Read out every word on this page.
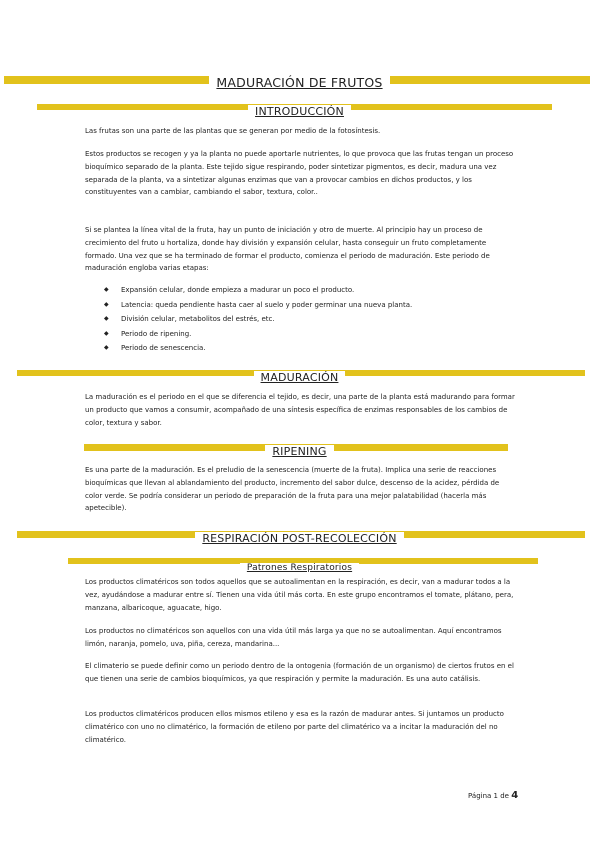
MADURACIÓN DE FRUTOS
INTRODUCCIÓN

Las frutas son una parte de las plantas que se generan por medio de la fotosíntesis.

Estos productos se recogen y ya la planta no puede aportarle nutrientes, lo que provoca que las frutas tengan un proceso bioquímico separado de la planta. Este tejido sigue respirando, poder sintetizar pigmentos, es decir, madura una vez separada de la planta, va a sintetizar algunas enzimas que van a provocar cambios en dichos productos, y los constituyentes van a cambiar, cambiando el sabor, textura, color..

Si se plantea la línea vital de la fruta, hay un punto de iniciación y otro de muerte. Al principio hay un proceso de crecimiento del fruto u hortaliza, donde hay división y expansión celular, hasta conseguir un fruto completamente formado. Una vez que se ha terminado de formar el producto, comienza el periodo de maduración. Este periodo de maduración engloba varias etapas:

◆ Expansión celular, donde empieza a madurar un poco el producto.
◆ Latencia: queda pendiente hasta caer al suelo y poder germinar una nueva planta.
◆ División celular, metabolitos del estrés, etc.
◆ Periodo de ripening.
◆ Periodo de senescencia.
MADURACIÓN

La maduración es el periodo en el que se diferencia el tejido, es decir, una parte de la planta está madurando para formar un producto que vamos a consumir, acompañado de una síntesis específica de enzimas responsables de los cambios de color, textura y sabor.

RIPENING

Es una parte de la maduración. Es el preludio de la senescencia (muerte de la fruta). Implica una serie de reacciones bioquímicas que llevan al ablandamiento del producto, incremento del sabor dulce, descenso de la acidez, pérdida de color verde. Se podría considerar un periodo de preparación de la fruta para una mejor palatabilidad (hacerla más apetecible).

RESPIRACIÓN POST-RECOLECCIÓN
Patrones Respiratorios

Los productos climatéricos son todos aquellos que se autoalimentan en la respiración, es decir, van a madurar todos a la vez, ayudándose a madurar entre sí. Tienen una vida útil más corta. En este grupo encontramos el tomate, plátano, pera, manzana, albaricoque, aguacate, higo.

Los productos no climatéricos son aquellos con una vida útil más larga ya que no se autoalimentan. Aquí encontramos limón, naranja, pomelo, uva, piña, cereza, mandarina...

El climaterio se puede definir como un periodo dentro de la ontogenia (formación de un organismo) de ciertos frutos en el que tienen una serie de cambios bioquímicos, ya que respiración y permite la maduración. Es una auto catálisis.

Los productos climatéricos producen ellos mismos etileno y esa es la razón de madurar antes. Si juntamos un producto climatérico con uno no climatérico, la formación de etileno por parte del climatérico va a incitar la maduración del no climatérico.

Página 1 de 4
